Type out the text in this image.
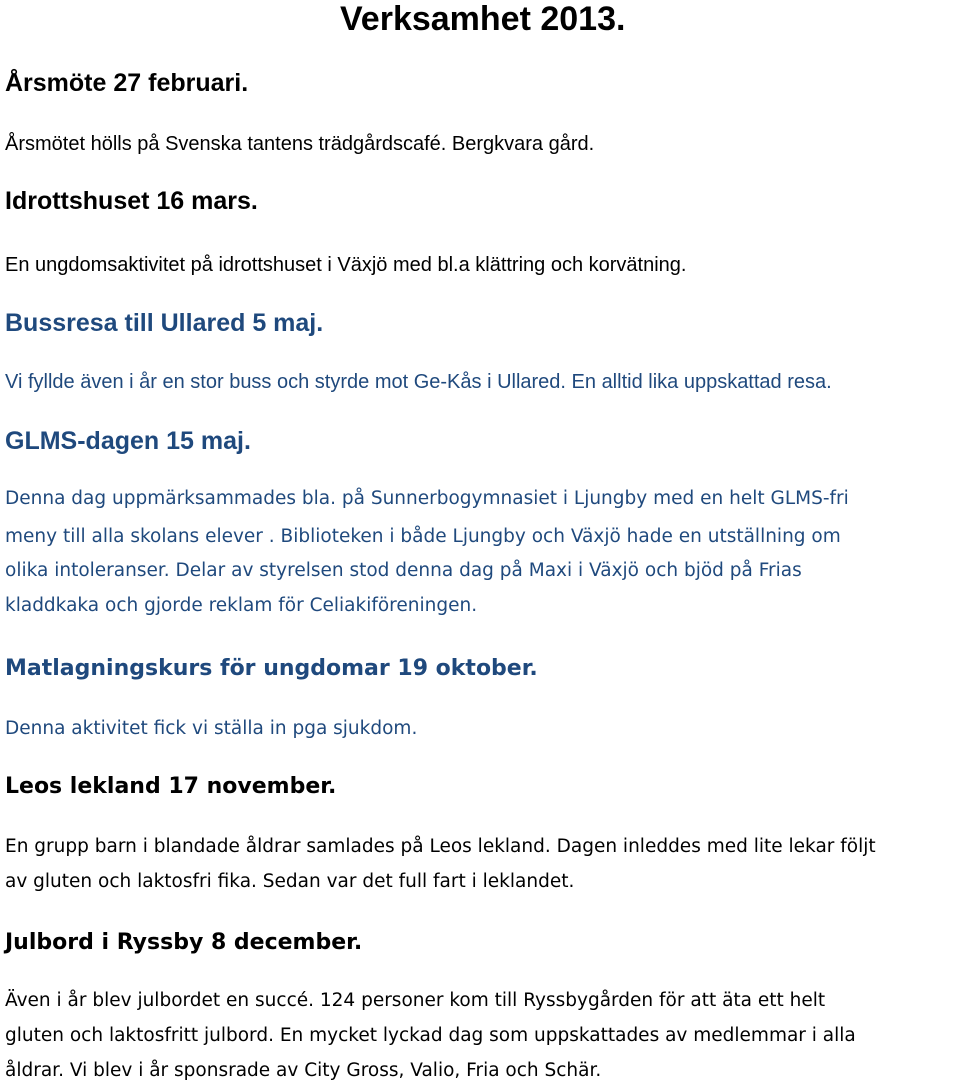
Verksamhet 2013.
Årsmöte 27 februari.

Årsmötet hölls på Svenska tantens trädgårdscafé. Bergkvara gård.

Idrottshuset 16 mars.

En ungdomsaktivitet på idrottshuset i Växjö med bl.a klättring och korvätning.

Bussresa till Ullared 5 maj.

Vi fyllde även i år en stor buss och styrde mot Ge-Kås i Ullared. En alltid lika uppskattad resa.

GLMS-dagen 15 maj.

Denna dag uppmärksammades bla. på Sunnerbogymnasiet i Ljungby med en helt GLMS-fri

meny till alla skolans elever . Biblioteken i både Ljungby och Växjö hade en utställning om

olika intoleranser. Delar av styrelsen stod denna dag på Maxi i Växjö och bjöd på Frias

kladdkaka och gjorde reklam för Celiakiföreningen.

Matlagningskurs för ungdomar 19 oktober.

Denna aktivitet fick vi ställa in pga sjukdom.

Leos lekland 17 november.

En grupp barn i blandade åldrar samlades på Leos lekland. Dagen inleddes med lite lekar följt

av gluten och laktosfri fika. Sedan var det full fart i leklandet.

Julbord i Ryssby 8 december.

Även i år blev julbordet en succé. 124 personer kom till Ryssbygården för att äta ett helt

gluten och laktosfritt julbord. En mycket lyckad dag som uppskattades av medlemmar i alla

åldrar. Vi blev i år sponsrade av City Gross, Valio, Fria och Schär.
